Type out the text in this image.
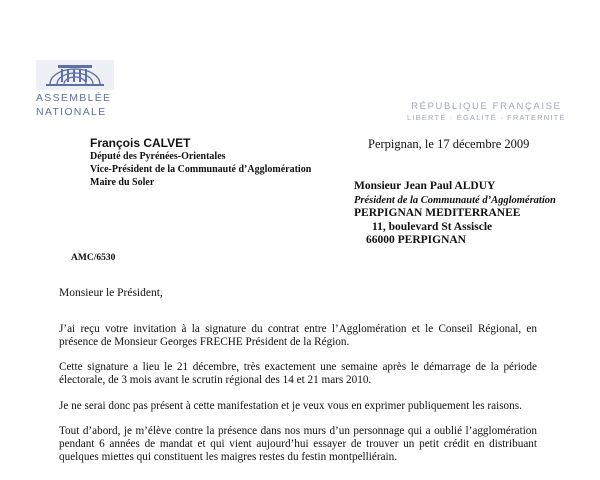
ASSEMBLÉE
NATIONALE	RÉPUBLIQUE FRANÇAISE
LIBERTÉ · ÉGALITÉ · FRATERNITÉ
François CALVET
Député des Pyrénées-Orientales
Vice-Président de la Communauté d’Agglomération
Maire du Soler
Perpignan, le 17 décembre 2009
Monsieur Jean Paul ALDUY
Président de la Communauté d’Agglomération
PERPIGNAN MEDITERRANEE
11, boulevard St Assiscle
66000 PERPIGNAN
AMC/6530
Monsieur le Président,

J’ai reçu votre invitation à la signature du contrat entre l’Agglomération et le Conseil Régional, en présence de Monsieur Georges FRECHE Président de la Région.

Cette signature a lieu le 21 décembre, très exactement une semaine après le démarrage de la période électorale, de 3 mois avant le scrutin régional des 14 et 21 mars 2010.

Je ne serai donc pas présent à cette manifestation et je veux vous en exprimer publiquement les raisons.

Tout d’abord, je m’élève contre la présence dans nos murs d’un personnage qui a oublié l’agglomération pendant 6 années de mandat et qui vient aujourd’hui essayer de trouver un petit crédit en distribuant quelques miettes qui constituent les maigres restes du festin montpelliérain.
